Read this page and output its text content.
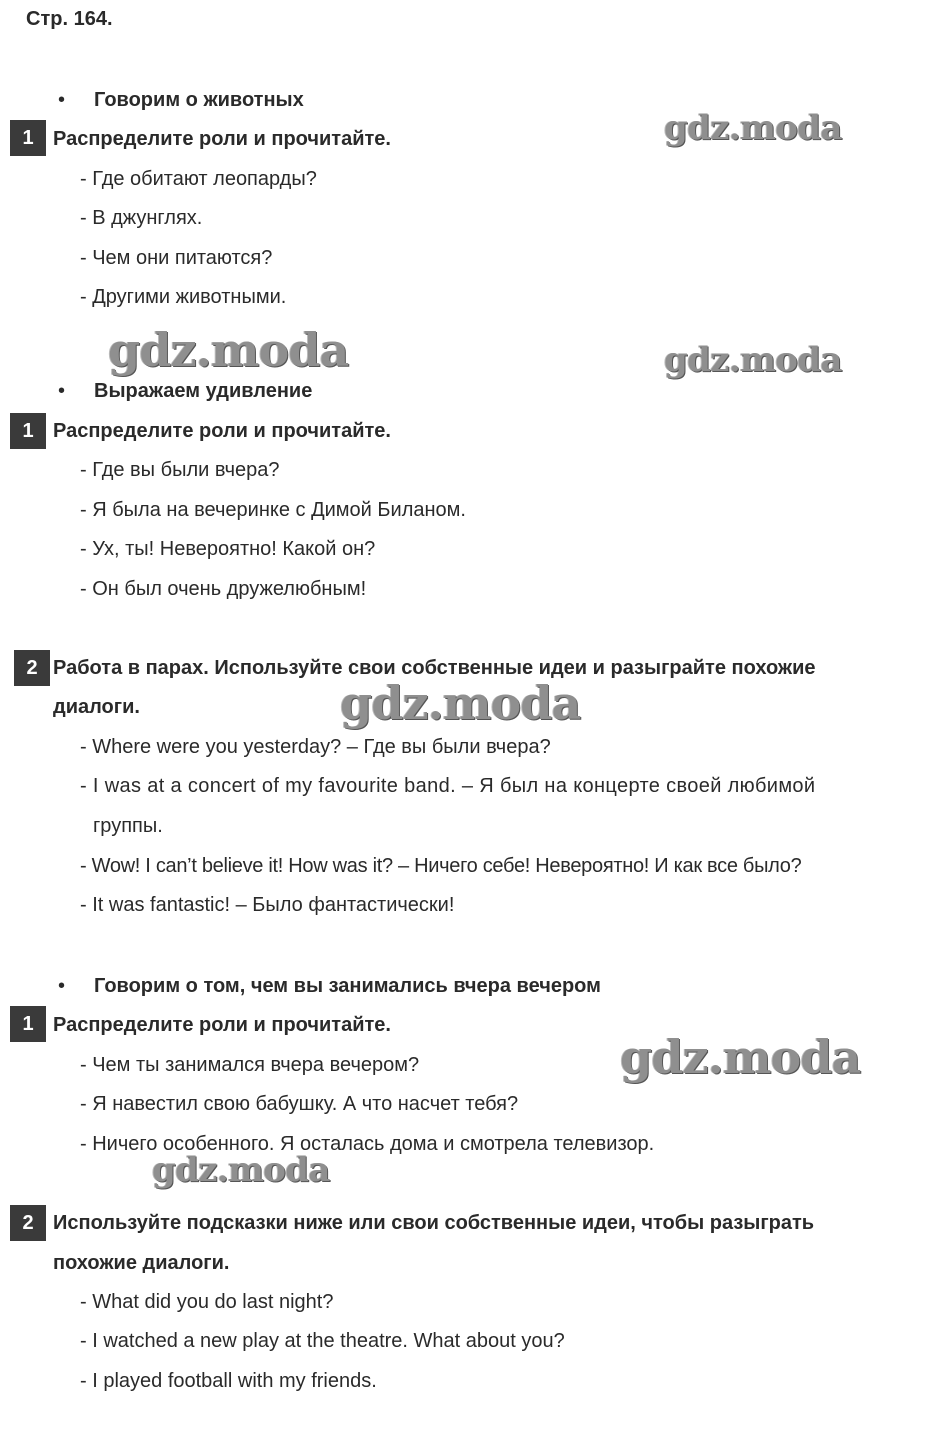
Стр. 164.
• Говорим о животных
1 Распределите роли и прочитайте.
- Где обитают леопарды?
- В джунглях.
- Чем они питаются?
- Другими животными.
• Выражаем удивление
1 Распределите роли и прочитайте.
- Где вы были вчера?
- Я была на вечеринке с Димой Биланом.
- Ух, ты! Невероятно! Какой он?
- Он был очень дружелюбным!
2 Работа в парах. Используйте свои собственные идеи и разыграйте похожие
диалоги.
- Where were you yesterday? – Где вы были вчера?
- I was at a concert of my favourite band. – Я был на концерте своей любимой
группы.
- Wow! I can’t believe it! How was it? – Ничего себе! Невероятно! И как все было?
- It was fantastic! – Было фантастически!
• Говорим о том, чем вы занимались вчера вечером
1 Распределите роли и прочитайте.
- Чем ты занимался вчера вечером?
- Я навестил свою бабушку. А что насчет тебя?
- Ничего особенного. Я осталась дома и смотрела телевизор.
2 Используйте подсказки ниже или свои собственные идеи, чтобы разыграть
похожие диалоги.
- What did you do last night?
- I watched a new play at the theatre. What about you?
- I played football with my friends.
gdz.moda
gdz.moda	gdz.moda
gdz.moda
gdz.moda
gdz.moda
